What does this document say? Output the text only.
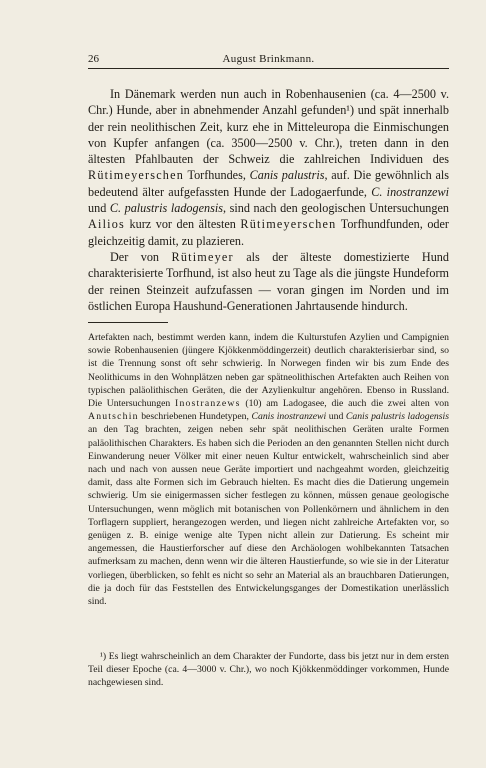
26	August Brinkmann.

In Dänemark werden nun auch in Robenhausenien (ca. 4—2500 v. Chr.) Hunde, aber in abnehmender Anzahl gefunden¹) und spät innerhalb der rein neolithischen Zeit, kurz ehe in Mitteleuropa die Einmischungen von Kupfer anfangen (ca. 3500—2500 v. Chr.), treten dann in den ältesten Pfahlbauten der Schweiz die zahlreichen Individuen des Rütimeyerschen Torfhundes, Canis palustris, auf. Die gewöhnlich als bedeutend älter aufgefassten Hunde der Ladogaerfunde, C. inostranzewi und C. palustris ladogensis, sind nach den geologischen Untersuchungen Ailios kurz vor den ältesten Rütimeyerschen Torfhundfunden, oder gleichzeitig damit, zu plazieren.

Der von Rütimeyer als der älteste domestizierte Hund charakterisierte Torfhund, ist also heut zu Tage als die jüngste Hundeform der reinen Steinzeit aufzufassen — voran gingen im Norden und im östlichen Europa Haushund-Generationen Jahrtausende hindurch.

Artefakten nach, bestimmt werden kann, indem die Kulturstufen Azylien und Campignien sowie Robenhausenien (jüngere Kjökkenmöddingerzeit) deutlich charakterisierbar sind, so ist die Trennung sonst oft sehr schwierig. In Norwegen finden wir bis zum Ende des Neolithicums in den Wohnplätzen neben gar spätneolithischen Artefakten auch Reihen von typischen paläolithischen Geräten, die der Azylienkultur angehören. Ebenso in Russland. Die Untersuchungen Inostranzews (10) am Ladogasee, die auch die zwei alten von Anutschin beschriebenen Hundetypen, Canis inostranzewi und Canis palustris ladogensis an den Tag brachten, zeigen neben sehr spät neolithischen Geräten uralte Formen paläolithischen Charakters. Es haben sich die Perioden an den genannten Stellen nicht durch Einwanderung neuer Völker mit einer neuen Kultur entwickelt, wahrscheinlich sind aber nach und nach von aussen neue Geräte importiert und nachgeahmt worden, gleichzeitig damit, dass alte Formen sich im Gebrauch hielten. Es macht dies die Datierung ungemein schwierig. Um sie einigermassen sicher festlegen zu können, müssen genaue geologische Untersuchungen, wenn möglich mit botanischen von Pollenkörnern und ähnlichem in den Torflagern suppliert, herangezogen werden, und liegen nicht zahlreiche Artefakten vor, so genügen z. B. einige wenige alte Typen nicht allein zur Datierung. Es scheint mir angemessen, die Haustierforscher auf diese den Archäologen wohlbekannten Tatsachen aufmerksam zu machen, denn wenn wir die älteren Haustierfunde, so wie sie in der Literatur vorliegen, überblicken, so fehlt es nicht so sehr an Material als an brauchbaren Datierungen, die ja doch für das Feststellen des Entwickelungsganges der Domestikation unerlässlich sind.

¹) Es liegt wahrscheinlich an dem Charakter der Fundorte, dass bis jetzt nur in dem ersten Teil dieser Epoche (ca. 4—3000 v. Chr.), wo noch Kjökkenmöddinger vorkommen, Hunde nachgewiesen sind.
